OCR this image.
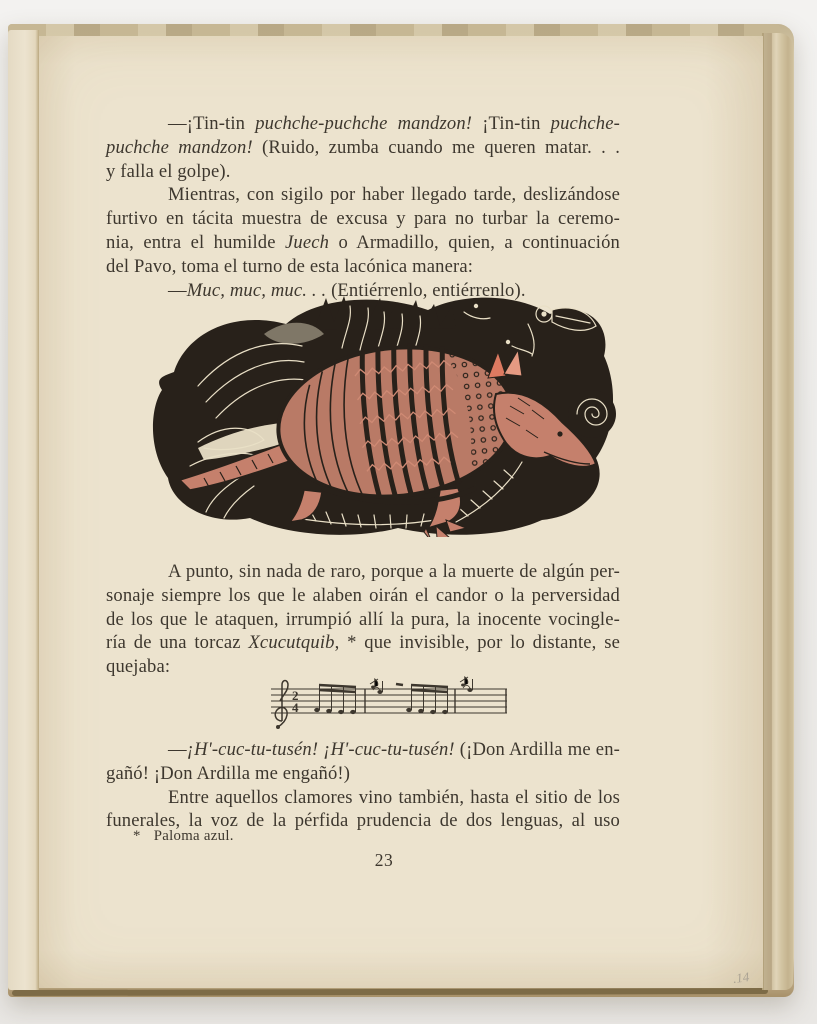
—¡Tin-tin puchche-puchche mandzon! ¡Tin-tin puchche-
puchche mandzon! (Ruido, zumba cuando me queren matar. . .
y falla el golpe).
Mientras, con sigilo por haber llegado tarde, deslizándose
furtivo en tácita muestra de excusa y para no turbar la ceremo-
nia, entra el humilde Juech o Armadillo, quien, a continuación
del Pavo, toma el turno de esta lacónica manera:
—Muc, muc, muc. . . (Entiérrenlo, entiérrenlo).
A punto, sin nada de raro, porque a la muerte de algún per-
sonaje siempre los que le alaben oirán el candor o la perversidad
de los que le ataquen, irrumpió allí la pura, la inocente vocingle-
ría de una torcaz Xcucutquib, * que invisible, por lo distante, se
quejaba:
2
4
—¡H'-cuc-tu-tusén! ¡H'-cuc-tu-tusén! (¡Don Ardilla me en-
gañó! ¡Don Ardilla me engañó!)
Entre aquellos clamores vino también, hasta el sitio de los
funerales, la voz de la pérfida prudencia de dos lenguas, al uso
* Paloma azul.
23
.14
